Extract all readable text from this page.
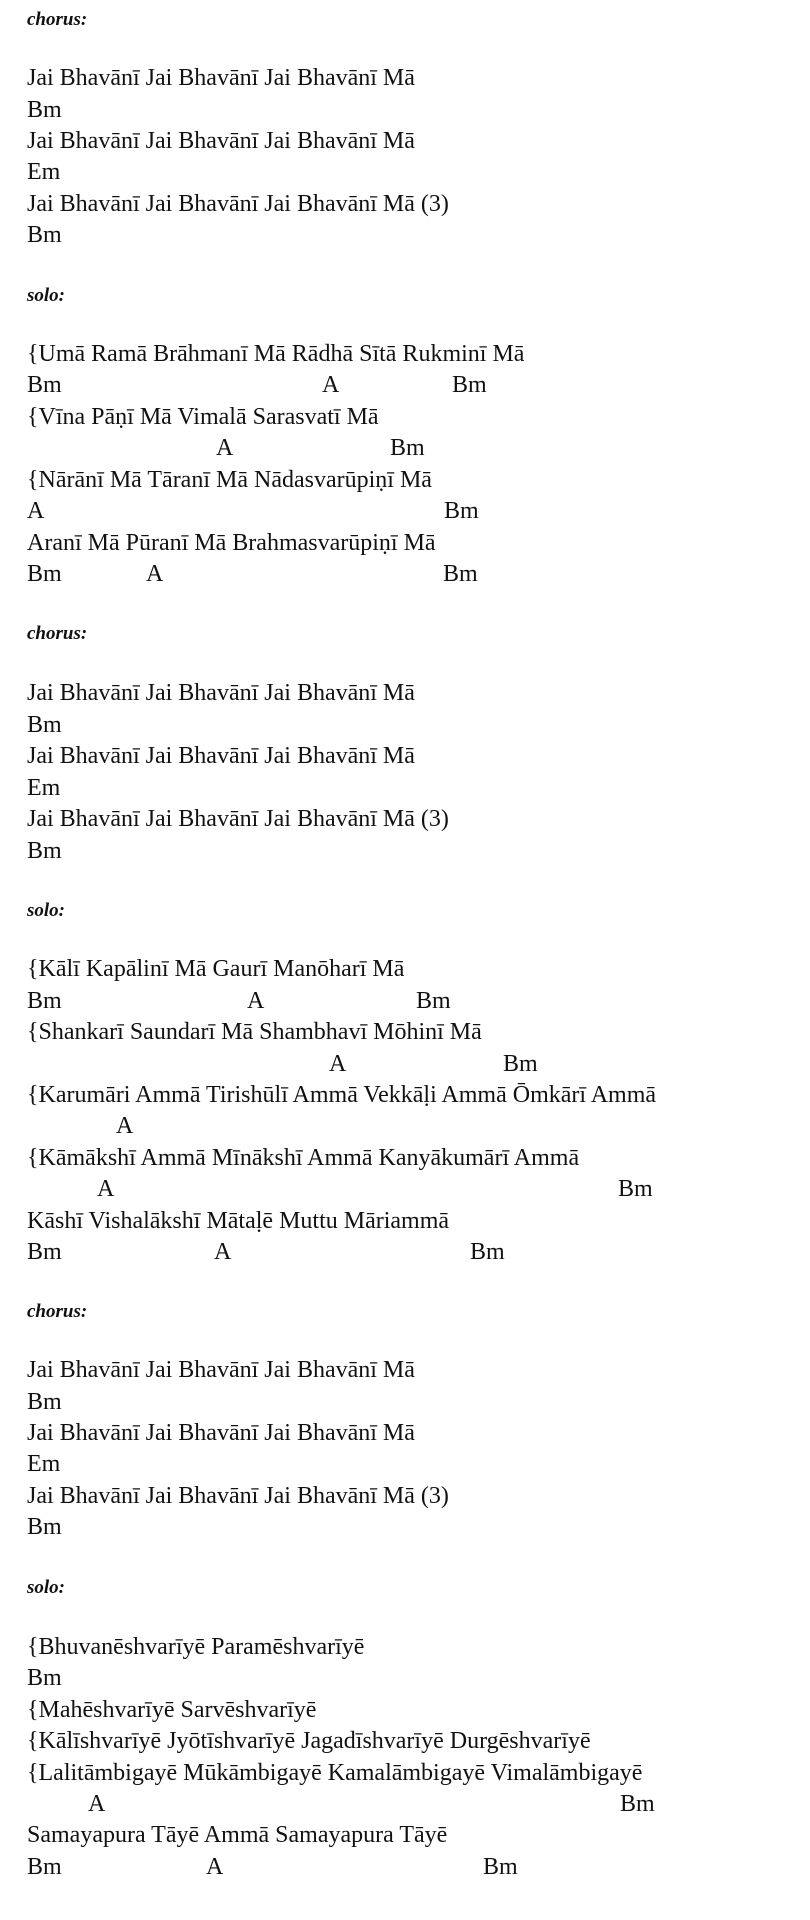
chorus:
Jai Bhavānī Jai Bhavānī Jai Bhavānī Mā
Bm
Jai Bhavānī Jai Bhavānī Jai Bhavānī Mā
Em
Jai Bhavānī Jai Bhavānī Jai Bhavānī Mā (3)
Bm
solo:
{Umā Ramā Brāhmanī Mā Rādhā Sītā Rukminī Mā
Bm	A	Bm
{Vīna Pāṇī Mā Vimalā Sarasvatī Mā
A	Bm
{Nārānī Mā Tāranī Mā Nādasvarūpiṇī Mā
A	Bm
Aranī Mā Pūranī Mā Brahmasvarūpiṇī Mā
Bm	A	Bm
chorus:
Jai Bhavānī Jai Bhavānī Jai Bhavānī Mā
Bm
Jai Bhavānī Jai Bhavānī Jai Bhavānī Mā
Em
Jai Bhavānī Jai Bhavānī Jai Bhavānī Mā (3)
Bm
solo:
{Kālī Kapālinī Mā Gaurī Manōharī Mā
Bm	A	Bm
{Shankarī Saundarī Mā Shambhavī Mōhinī Mā
A	Bm
{Karumāri Ammā Tirishūlī Ammā Vekkāḷi Ammā Ōmkārī Ammā
A
{Kāmākshī Ammā Mīnākshī Ammā Kanyākumārī Ammā
A	Bm
Kāshī Vishalākshī Mātaḷē Muttu Māriammā
Bm	A	Bm
chorus:
Jai Bhavānī Jai Bhavānī Jai Bhavānī Mā
Bm
Jai Bhavānī Jai Bhavānī Jai Bhavānī Mā
Em
Jai Bhavānī Jai Bhavānī Jai Bhavānī Mā (3)
Bm
solo:
{Bhuvanēshvarīyē Paramēshvarīyē
Bm
{Mahēshvarīyē Sarvēshvarīyē
{Kālīshvarīyē Jyōtīshvarīyē Jagadīshvarīyē Durgēshvarīyē
{Lalitāmbigayē Mūkāmbigayē Kamalāmbigayē Vimalāmbigayē
A	Bm
Samayapura Tāyē Ammā Samayapura Tāyē
Bm	A	Bm
